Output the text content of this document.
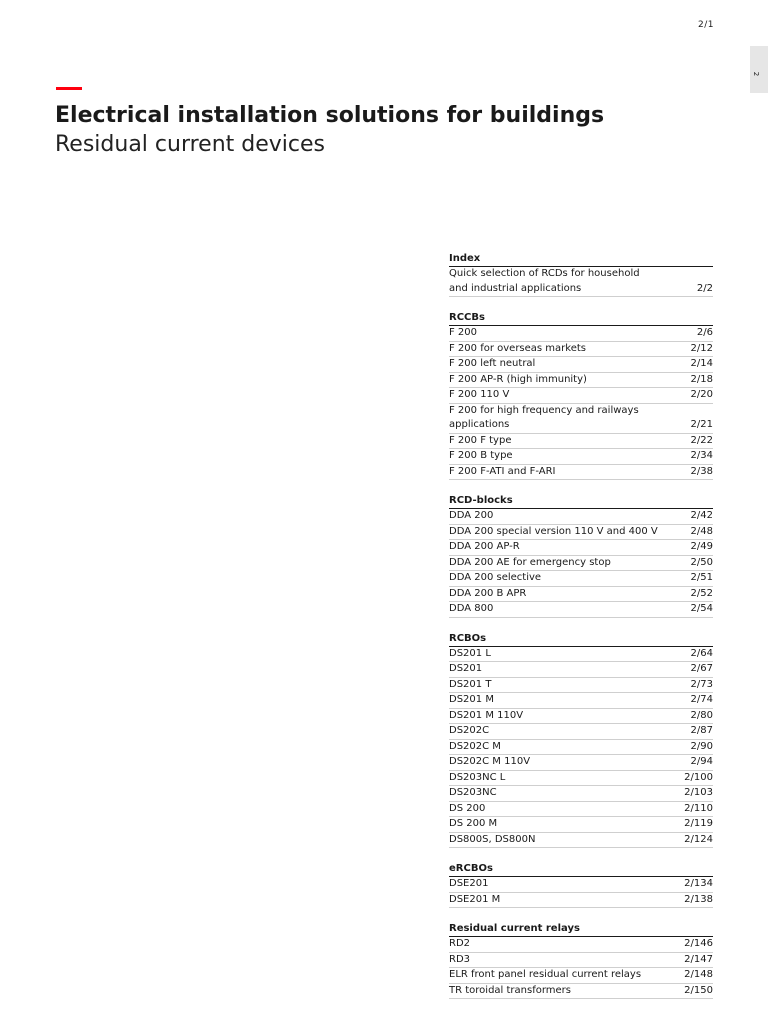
2/1
2
Electrical installation solutions for buildings
Residual current devices
Index
Quick selection of RCDs for household
and industrial applications	2/2
RCCBs
F 200	2/6
F 200 for overseas markets	2/12
F 200 left neutral	2/14
F 200 AP-R (high immunity)	2/18
F 200 110 V	2/20
F 200 for high frequency and railways
applications	2/21
F 200 F type	2/22
F 200 B type	2/34
F 200 F-ATI and F-ARI	2/38
RCD-blocks
DDA 200	2/42
DDA 200 special version 110 V and 400 V	2/48
DDA 200 AP-R	2/49
DDA 200 AE for emergency stop	2/50
DDA 200 selective	2/51
DDA 200 B APR	2/52
DDA 800	2/54
RCBOs
DS201 L	2/64
DS201	2/67
DS201 T	2/73
DS201 M	2/74
DS201 M 110V	2/80
DS202C	2/87
DS202C M	2/90
DS202C M 110V	2/94
DS203NC L	2/100
DS203NC	2/103
DS 200	2/110
DS 200 M	2/119
DS800S, DS800N	2/124
eRCBOs
DSE201	2/134
DSE201 M	2/138
Residual current relays
RD2	2/146
RD3	2/147
ELR front panel residual current relays	2/148
TR toroidal transformers	2/150
